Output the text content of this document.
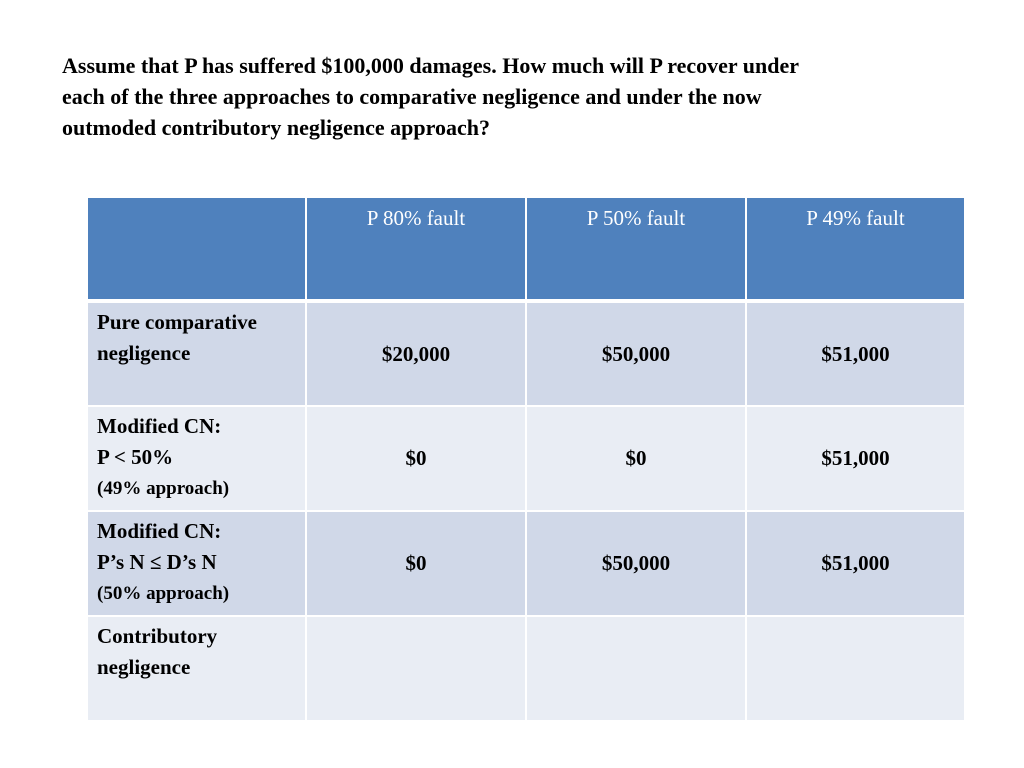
Assume that P has suffered $100,000 damages. How much will P recover under
each of the three approaches to comparative negligence and under the now
outmoded contributory negligence approach?

	P 80% fault	P 50% fault	P 49% fault

Pure comparative
negligence	$20,000	$50,000	$51,000

Modified CN:
P < 50%
(49% approach)	$0	$0	$51,000

Modified CN:
P’s N ≤ D’s N
(50% approach)	$0	$50,000	$51,000

Contributory
negligence			
